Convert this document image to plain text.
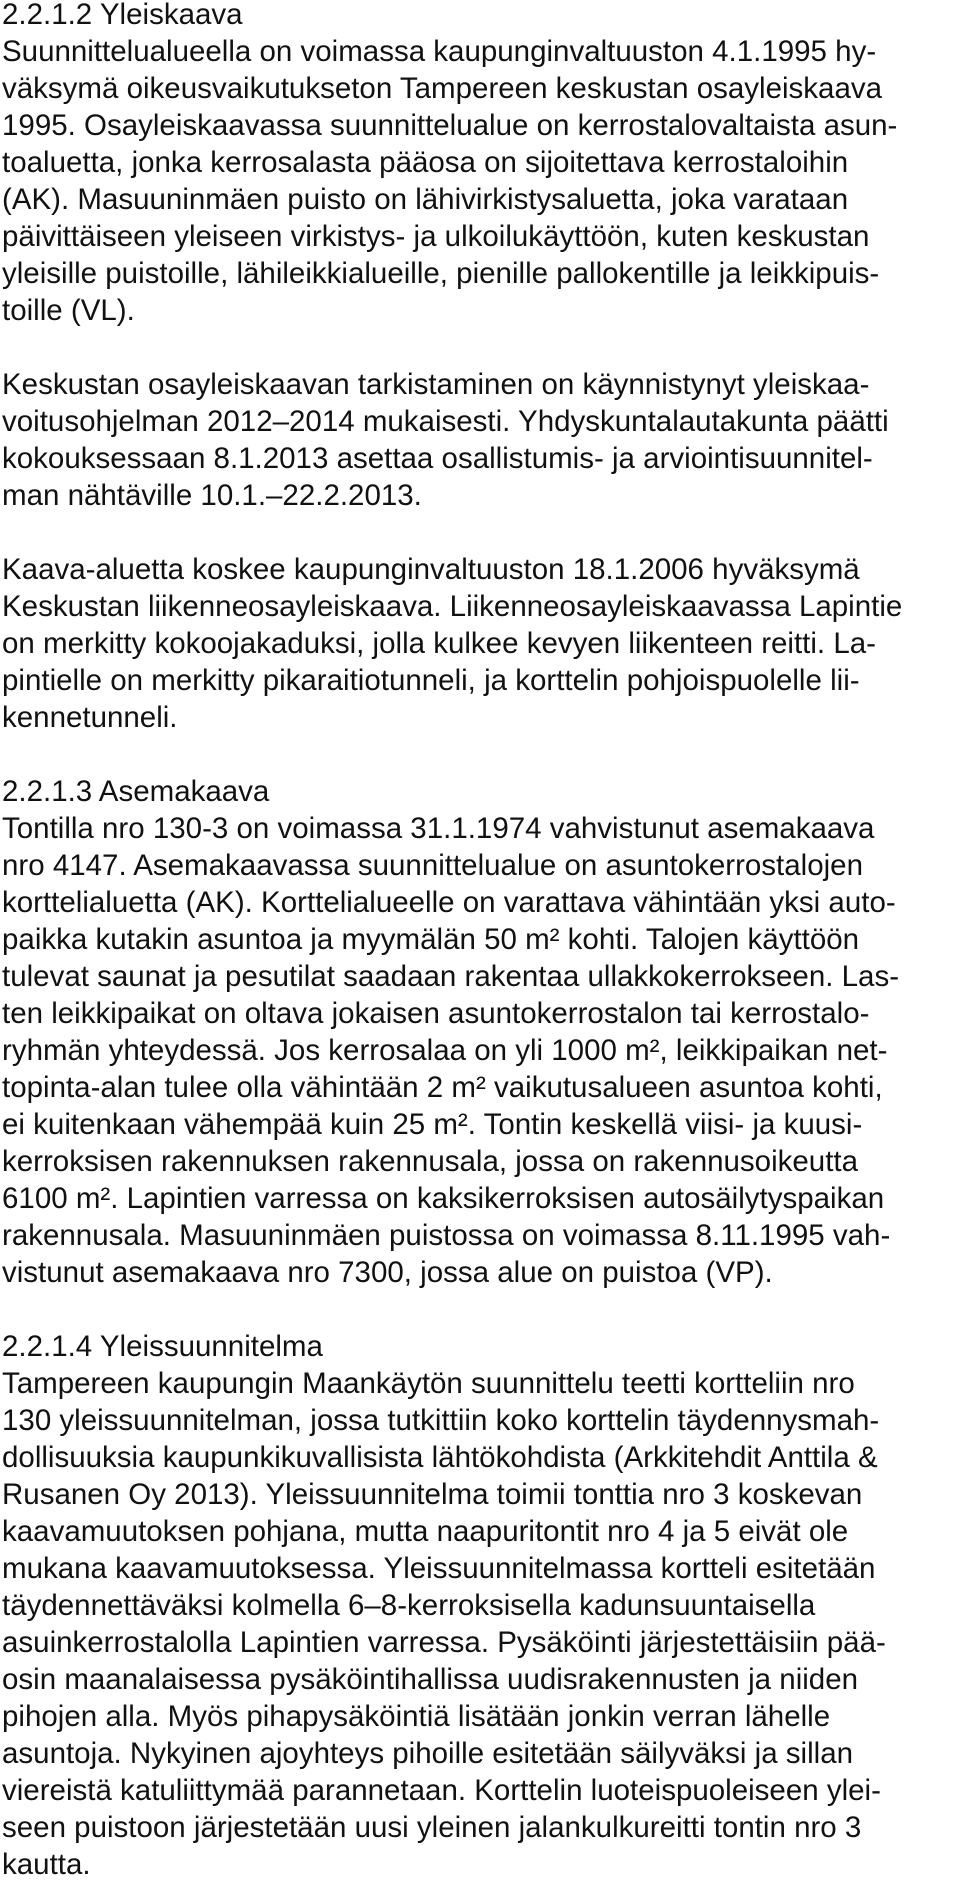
2.2.1.2 Yleiskaava
Suunnittelualueella on voimassa kaupunginvaltuuston 4.1.1995 hy-
väksymä oikeusvaikutukseton Tampereen keskustan osayleiskaava
1995. Osayleiskaavassa suunnittelualue on kerrostalovaltaista asun-
toaluetta, jonka kerrosalasta pääosa on sijoitettava kerrostaloihin
(AK). Masuuninmäen puisto on lähivirkistysaluetta, joka varataan
päivittäiseen yleiseen virkistys- ja ulkoilukäyttöön, kuten keskustan
yleisille puistoille, lähileikkialueille, pienille pallokentille ja leikkipuis-
toille (VL).
Keskustan osayleiskaavan tarkistaminen on käynnistynyt yleiskaa-
voitusohjelman 2012‒2014 mukaisesti. Yhdyskuntalautakunta päätti
kokouksessaan 8.1.2013 asettaa osallistumis- ja arviointisuunnitel-
man nähtäville 10.1.‒22.2.2013.
Kaava-aluetta koskee kaupunginvaltuuston 18.1.2006 hyväksymä
Keskustan liikenneosayleiskaava. Liikenneosayleiskaavassa Lapintie
on merkitty kokoojakaduksi, jolla kulkee kevyen liikenteen reitti. La-
pintielle on merkitty pikaraitiotunneli, ja korttelin pohjoispuolelle lii-
kennetunneli.
2.2.1.3 Asemakaava
Tontilla nro 130-3 on voimassa 31.1.1974 vahvistunut asemakaava
nro 4147. Asemakaavassa suunnittelualue on asuntokerrostalojen
korttelialuetta (AK). Korttelialueelle on varattava vähintään yksi auto-
paikka kutakin asuntoa ja myymälän 50 m² kohti. Talojen käyttöön
tulevat saunat ja pesutilat saadaan rakentaa ullakkokerrokseen. Las-
ten leikkipaikat on oltava jokaisen asuntokerrostalon tai kerrostalo-
ryhmän yhteydessä. Jos kerrosalaa on yli 1000 m², leikkipaikan net-
topinta-alan tulee olla vähintään 2 m² vaikutusalueen asuntoa kohti,
ei kuitenkaan vähempää kuin 25 m². Tontin keskellä viisi- ja kuusi-
kerroksisen rakennuksen rakennusala, jossa on rakennusoikeutta
6100 m². Lapintien varressa on kaksikerroksisen autosäilytyspaikan
rakennusala. Masuuninmäen puistossa on voimassa 8.11.1995 vah-
vistunut asemakaava nro 7300, jossa alue on puistoa (VP).
2.2.1.4 Yleissuunnitelma
Tampereen kaupungin Maankäytön suunnittelu teetti kortteliin nro
130 yleissuunnitelman, jossa tutkittiin koko korttelin täydennysmah-
dollisuuksia kaupunkikuvallisista lähtökohdista (Arkkitehdit Anttila &
Rusanen Oy 2013). Yleissuunnitelma toimii tonttia nro 3 koskevan
kaavamuutoksen pohjana, mutta naapuritontit nro 4 ja 5 eivät ole
mukana kaavamuutoksessa. Yleissuunnitelmassa kortteli esitetään
täydennettäväksi kolmella 6‒8-kerroksisella kadunsuuntaisella
asuinkerrostalolla Lapintien varressa. Pysäköinti järjestettäisiin pää-
osin maanalaisessa pysäköintihallissa uudisrakennusten ja niiden
pihojen alla. Myös pihapysäköintiä lisätään jonkin verran lähelle
asuntoja. Nykyinen ajoyhteys pihoille esitetään säilyväksi ja sillan
viereistä katuliittymää parannetaan. Korttelin luoteispuoleiseen ylei-
seen puistoon järjestetään uusi yleinen jalankulkureitti tontin nro 3
kautta.
